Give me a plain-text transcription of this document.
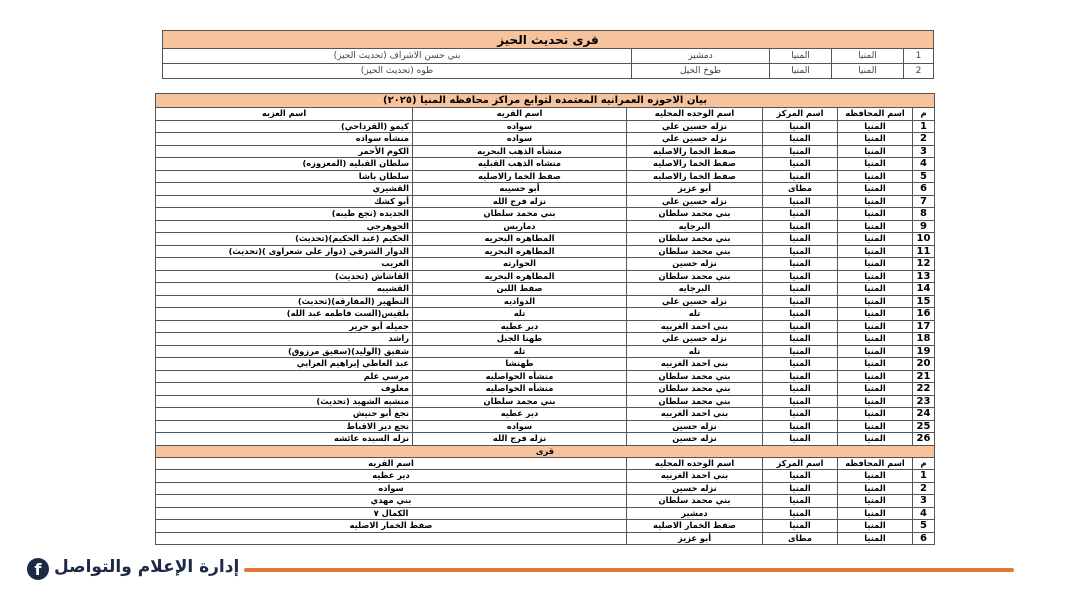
قرى تحديث الحيز				
1	المنيا	المنيا	دمشير	بني حسن الاشراف (تحديث الحيز)
2	المنيا	المنيا	طوخ الخيل	طوه (تحديث الحيز)
بيان الاحوزه العمرانيه المعتمده لتوابع مراكز محافظه المنيا (٢٠٢٥)					
م	اسم المحافظه	اسم المركز	اسم الوحده المحليه	اسم القريه	اسم العزبه
1	المنيا	المنيا	نزله حسين علي	سواده	كيمو (القرداحي)
2	المنيا	المنيا	نزله حسين علي	سواده	منشأه سواده
3	المنيا	المنيا	صفط الخما رالاصليه	منشأه الذهب البحريه	الكوم الأحمر
4	المنيا	المنيا	صفط الخما رالاصليه	منشاه الذهب القبليه	سلطان القبليه (المعزوزه)
5	المنيا	المنيا	صفط الخما رالاصليه	صفط الخما رالاصليه	سلطان باشا
6	المنيا	مطاى	أبو عزيز	أبو حسيبه	القشيري
7	المنيا	المنيا	نزله حسين علي	نزله فرج الله	أبو كشك
8	المنيا	المنيا	بني محمد سلطان	بني محمد سلطان	الجديده (نجع طيبه)
9	المنيا	المنيا	البرجايه	دماريس	الجوهرجي
10	المنيا	المنيا	بني محمد سلطان	المطاهره البحريه	الحكيم (عبد الحكيم)(تحديث)
11	المنيا	المنيا	بني محمد سلطان	المطاهره البحريه	الدوار الشرقي (دوار علي شعراوى )(تحديث)
12	المنيا	المنيا	نزله حسين	الحوارته	الغريب
13	المنيا	المنيا	بني محمد سلطان	المطاهره البحريه	القاشاش (تحديث)
14	المنيا	المنيا	البرجايه	صفط اللبن	القشيبه
15	المنيا	المنيا	نزله حسين علي	الدواديه	التطهير (المفارقه)(تحديث)
16	المنيا	المنيا	تله	تله	بلقيس(الست فاطمه عبد الله)
17	المنيا	المنيا	بني احمد الغربيه	دير عطيه	جميله أبو حرير
18	المنيا	المنيا	نزله حسين علي	طهنا الجبل	راشد
19	المنيا	المنيا	تله	تله	شفيق (الوليد)(سفيق مرزوق)
20	المنيا	المنيا	بني احمد الغربيه	طهنشا	عبد العاطي إبراهيم العرابي
21	المنيا	المنيا	بني محمد سلطان	منشأه الحواصليه	مرسي علم
22	المنيا	المنيا	بني محمد سلطان	منشأه الحواصليه	معلوف
23	المنيا	المنيا	بني محمد سلطان	بني محمد سلطان	منشيه الشهيد (تحديث)
24	المنيا	المنيا	بني احمد الغربيه	دير عطيه	نجع أبو حنيش
25	المنيا	المنيا	نزله حسين	سواده	نجع دير الاقباط
26	المنيا	المنيا	نزله حسين	نزله فرج الله	نزله السيده عائشه
قرى					
م	اسم المحافظه	اسم المركز	اسم الوحده المحليه	اسم القريه	
1	المنيا	المنيا	بني احمد الغربيه	دير عطيه	
2	المنيا	المنيا	نزله حسين	سواده	
3	المنيا	المنيا	بني محمد سلطان	بني مهدي	
4	المنيا	المنيا	دمشير	الكمال ٧	
5	المنيا	المنيا	صفط الخمار الاصليه	صفط الخمار الاصليه	
6	المنيا	مطاى	أبو عزيز		
إدارة الإعلام والتواصل
f
